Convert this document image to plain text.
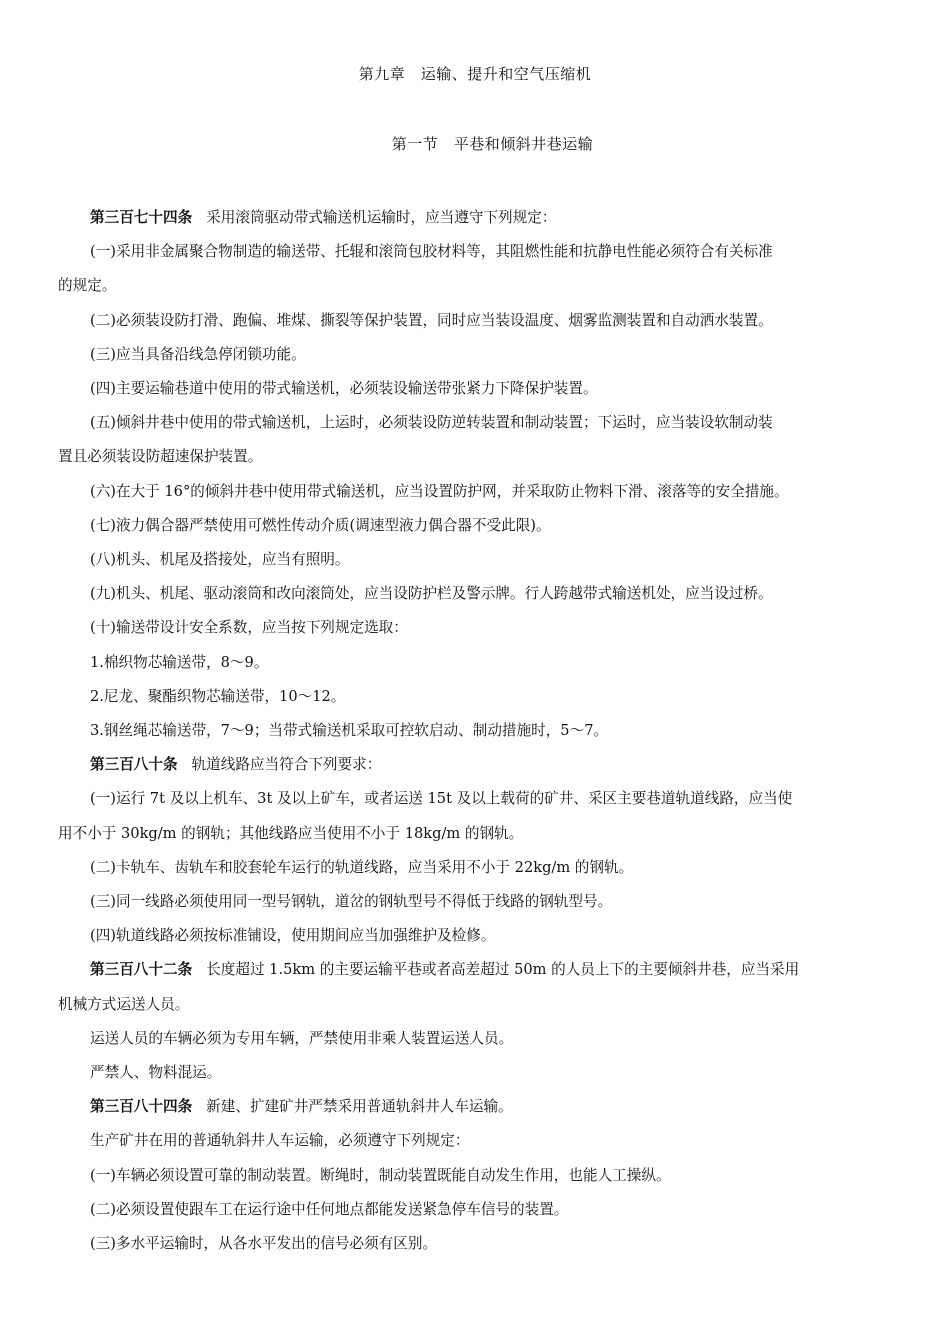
第九章　运输、提升和空气压缩机
第一节　平巷和倾斜井巷运输

第三百七十四条 采用滚筒驱动带式输送机运输时，应当遵守下列规定：

(一)采用非金属聚合物制造的输送带、托辊和滚筒包胶材料等，其阻燃性能和抗静电性能必须符合有关标准

的规定。

(二)必须装设防打滑、跑偏、堆煤、撕裂等保护装置，同时应当装设温度、烟雾监测装置和自动洒水装置。

(三)应当具备沿线急停闭锁功能。

(四)主要运输巷道中使用的带式输送机，必须装设输送带张紧力下降保护装置。

(五)倾斜井巷中使用的带式输送机，上运时，必须装设防逆转装置和制动装置；下运时，应当装设软制动装

置且必须装设防超速保护装置。

(六)在大于 16°的倾斜井巷中使用带式输送机，应当设置防护网，并采取防止物料下滑、滚落等的安全措施。

(七)液力偶合器严禁使用可燃性传动介质(调速型液力偶合器不受此限)。

(八)机头、机尾及搭接处，应当有照明。

(九)机头、机尾、驱动滚筒和改向滚筒处，应当设防护栏及警示牌。行人跨越带式输送机处，应当设过桥。

(十)输送带设计安全系数，应当按下列规定选取：

1.棉织物芯输送带，8～9。

2.尼龙、聚酯织物芯输送带，10～12。

3.钢丝绳芯输送带，7～9；当带式输送机采取可控软启动、制动措施时，5～7。

第三百八十条 轨道线路应当符合下列要求：

(一)运行 7t 及以上机车、3t 及以上矿车，或者运送 15t 及以上载荷的矿井、采区主要巷道轨道线路，应当使

用不小于 30kg/m 的钢轨；其他线路应当使用不小于 18kg/m 的钢轨。

(二)卡轨车、齿轨车和胶套轮车运行的轨道线路，应当采用不小于 22kg/m 的钢轨。

(三)同一线路必须使用同一型号钢轨，道岔的钢轨型号不得低于线路的钢轨型号。

(四)轨道线路必须按标准铺设，使用期间应当加强维护及检修。

第三百八十二条 长度超过 1.5km 的主要运输平巷或者高差超过 50m 的人员上下的主要倾斜井巷，应当采用

机械方式运送人员。

运送人员的车辆必须为专用车辆，严禁使用非乘人装置运送人员。

严禁人、物料混运。

第三百八十四条 新建、扩建矿井严禁采用普通轨斜井人车运输。

生产矿井在用的普通轨斜井人车运输，必须遵守下列规定：

(一)车辆必须设置可靠的制动装置。断绳时，制动装置既能自动发生作用，也能人工操纵。

(二)必须设置使跟车工在运行途中任何地点都能发送紧急停车信号的装置。

(三)多水平运输时，从各水平发出的信号必须有区别。
